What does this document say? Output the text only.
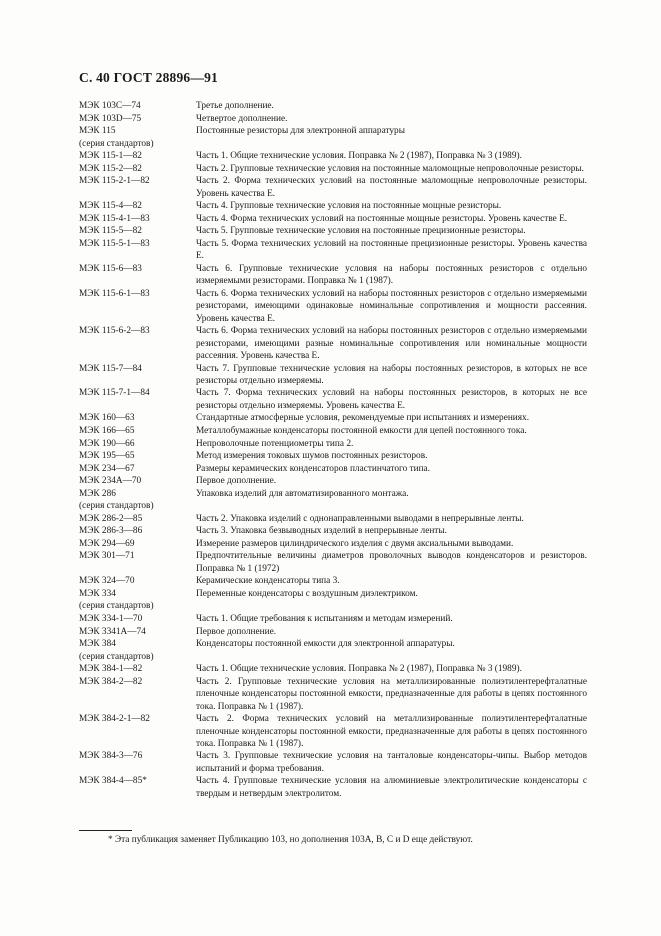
С. 40 ГОСТ 28896—91
МЭК 103С—74	Третье дополнение.
МЭК 103D—75	Четвертое дополнение.
МЭК 115	Постоянные резисторы для электронной аппаратуры
(серия стандартов)
МЭК 115-1—82	Часть 1. Общие технические условия. Поправка № 2 (1987), Поправка № 3 (1989).
МЭК 115-2—82	Часть 2. Групповые технические условия на постоянные маломощные непроволочные резисторы.
МЭК 115-2-1—82	Часть 2. Форма технических условий на постоянные маломощные непроволочные резисторы. Уровень качества Е.
МЭК 115-4—82	Часть 4. Групповые технические условия на постоянные мощные резисторы.
МЭК 115-4-1—83	Часть 4. Форма технических условий на постоянные мощные резисторы. Уровень качестве Е.
МЭК 115-5—82	Часть 5. Групповые технические условия на постоянные прецизионные резисторы.
МЭК 115-5-1—83	Часть 5. Форма технических условий на постоянные прецизионные резисторы. Уровень качества Е.
МЭК 115-6—83	Часть 6. Групповые технические условия на наборы постоянных резисторов с отдельно измеряемыми резисторами. Поправка № 1 (1987).
МЭК 115-6-1—83	Часть 6. Форма технических условий на наборы постоянных резисторов с отдельно измеряемыми резисторами, имеющими одинаковые номинальные сопротивления и мощности рассеяния. Уровень качества Е.
МЭК 115-6-2—83	Часть 6. Форма технических условий на наборы постоянных резисторов с отдельно измеряемыми резисторами, имеющими разные номинальные сопротивления или номинальные мощности рассеяния. Уровень качества Е.
МЭК 115-7—84	Часть 7. Групповые технические условия на наборы постоянных резисторов, в которых не все резисторы отдельно измеряемы.
МЭК 115-7-1—84	Часть 7. Форма технических условий на наборы постоянных резисторов, в которых не все резисторы отдельно измеряемы. Уровень качества Е.
МЭК 160—63	Стандартные атмосферные условия, рекомендуемые при испытаниях и измерениях.
МЭК 166—65	Металлобумажные конденсаторы постоянной емкости для цепей постоянного тока.
МЭК 190—66	Непроволочные потенциометры типа 2.
МЭК 195—65	Метод измерения токовых шумов постоянных резисторов.
МЭК 234—67	Размеры керамических конденсаторов пластинчатого типа.
МЭК 234А—70	Первое дополнение.
МЭК 286	Упаковка изделий для автоматизированного монтажа.
(серия стандартов)
МЭК 286-2—85	Часть 2. Упаковка изделий с однонаправленными выводами в непрерывные ленты.
МЭК 286-3—86	Часть 3. Упаковка безвыводных изделий в непрерывные ленты.
МЭК 294—69	Измерение размеров цилиндрического изделия с двумя аксиальными выводами.
МЭК 301—71	Предпочтительные величины диаметров проволочных выводов конденсаторов и резисторов. Поправка № 1 (1972)
МЭК 324—70	Керамические конденсаторы типа 3.
МЭК 334	Переменные конденсаторы с воздушным диэлектриком.
(серия стандартов)
МЭК 334-1—70	Часть 1. Общие требования к испытаниям и методам измерений.
МЭК 3341А—74	Первое дополнение.
МЭК 384	Конденсаторы постоянной емкости для электронной аппаратуры.
(серия стандартов)
МЭК 384-1—82	Часть 1. Общие технические условия. Поправка № 2 (1987), Поправка № 3 (1989).
МЭК 384-2—82	Часть 2. Групповые технические условия на металлизированные полиэтилентерефталатные пленочные конденсаторы постоянной емкости, предназначенные для работы в цепях постоянного тока. Поправка № 1 (1987).
МЭК 384-2-1—82	Часть 2. Форма технических условий на металлизированные полиэтилентерефталатные пленочные конденсаторы постоянной емкости, предназначенные для работы в цепях постоянного тока. Поправка № 1 (1987).
МЭК 384-3—76	Часть 3. Групповые технические условия на танталовые конденсаторы-чипы. Выбор методов испытаний и форма требования.
МЭК 384-4—85*	Часть 4. Групповые технические условия на алюминиевые электролитические конденсаторы с твердым и нетвердым электролитом.
* Эта публикация заменяет Публикацию 103, но дополнения 103А, В, С и D еще действуют.
